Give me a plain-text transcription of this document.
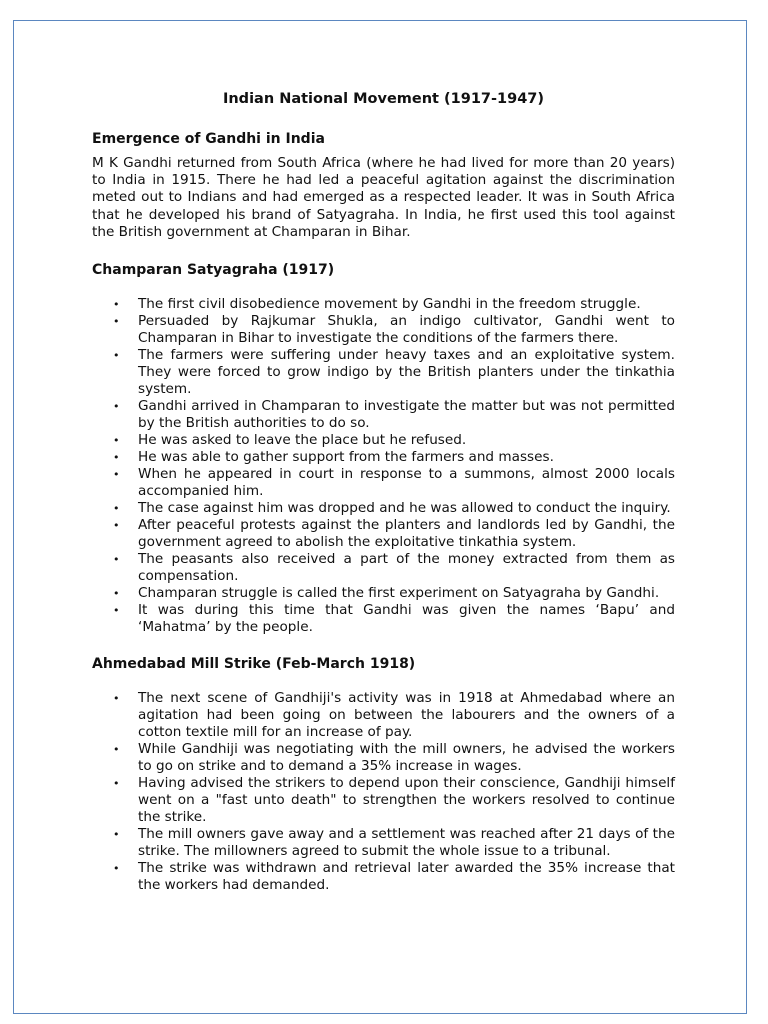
Indian National Movement (1917-1947)
Emergence of Gandhi in India

M K Gandhi returned from South Africa (where he had lived for more than 20 years) to India in 1915. There he had led a peaceful agitation against the discrimination meted out to Indians and had emerged as a respected leader. It was in South Africa that he developed his brand of Satyagraha. In India, he first used this tool against the British government at Champaran in Bihar.

Champaran Satyagraha (1917)
• The first civil disobedience movement by Gandhi in the freedom struggle.
• Persuaded by Rajkumar Shukla, an indigo cultivator, Gandhi went to Champaran in Bihar to investigate the conditions of the farmers there.
• The farmers were suffering under heavy taxes and an exploitative system. They were forced to grow indigo by the British planters under the tinkathia system.
• Gandhi arrived in Champaran to investigate the matter but was not permitted by the British authorities to do so.
• He was asked to leave the place but he refused.
• He was able to gather support from the farmers and masses.
• When he appeared in court in response to a summons, almost 2000 locals accompanied him.
• The case against him was dropped and he was allowed to conduct the inquiry.
• After peaceful protests against the planters and landlords led by Gandhi, the government agreed to abolish the exploitative tinkathia system.
• The peasants also received a part of the money extracted from them as compensation.
• Champaran struggle is called the first experiment on Satyagraha by Gandhi.
• It was during this time that Gandhi was given the names ‘Bapu’ and ‘Mahatma’ by the people.
Ahmedabad Mill Strike (Feb-March 1918)
• The next scene of Gandhiji's activity was in 1918 at Ahmedabad where an agitation had been going on between the labourers and the owners of a cotton textile mill for an increase of pay.
• While Gandhiji was negotiating with the mill owners, he advised the workers to go on strike and to demand a 35% increase in wages.
• Having advised the strikers to depend upon their conscience, Gandhiji himself went on a "fast unto death" to strengthen the workers resolved to continue the strike.
• The mill owners gave away and a settlement was reached after 21 days of the strike. The millowners agreed to submit the whole issue to a tribunal.
• The strike was withdrawn and retrieval later awarded the 35% increase that the workers had demanded.
